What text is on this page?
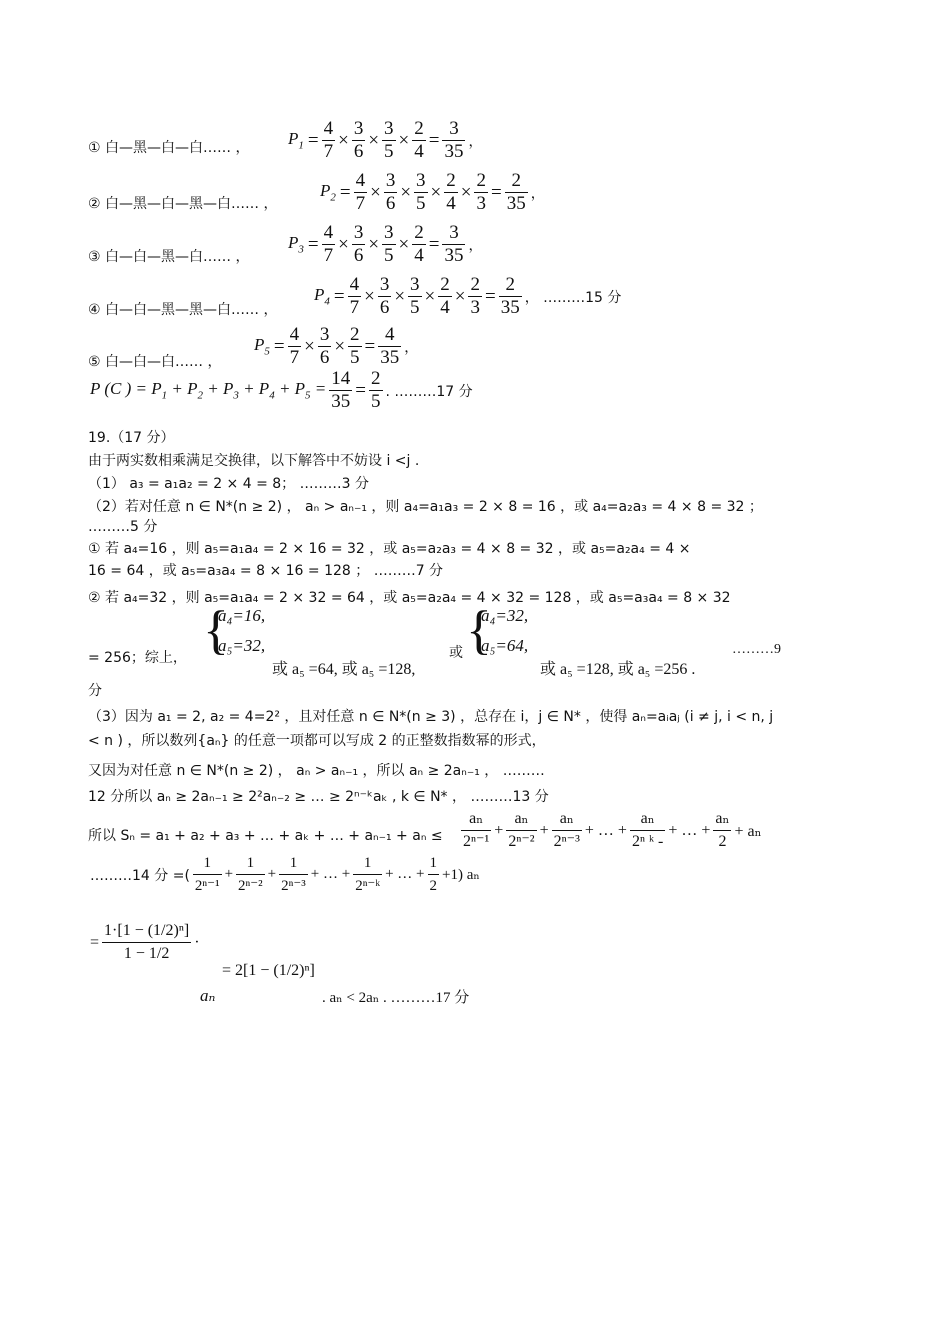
① 白—黑—白—白…… ， $P_1 = \frac{4}{7} \times \frac{3}{6} \times \frac{3}{5} \times \frac{2}{4} = \frac{3}{35}$ ，
② 白—黑—白—黑—白…… ，
$P_2 = \frac{4}{7} \times \frac{3}{6} \times \frac{3}{5} \times \frac{2}{4} \times \frac{2}{3} = \frac{2}{35}$ ，
③ 白—白—黑—白…… ，
$P_3 = \frac{4}{7} \times \frac{3}{6} \times \frac{3}{5} \times \frac{2}{4} = \frac{3}{35}$ ，
④ 白—白—黑—黑—白…… ，
$P_4 = \frac{4}{7} \times \frac{3}{6} \times \frac{3}{5} \times \frac{2}{4} \times \frac{2}{3} = \frac{2}{35}$ ， ………15 分
⑤ 白—白—白…… ，
$P_5 = \frac{4}{7} \times \frac{3}{6} \times \frac{2}{5} = \frac{4}{35}$ ，
P (C ) = $P_1 + P_2 + P_3 + P_4 + P_5 = \frac{14}{35} = \frac{2}{5}$ . ………17 分
19.（17 分）
由于两实数相乘满足交换律，以下解答中不妨设 i <j .
（1） a₃ = a₁a₂ = 2 × 4 = 8； ………3 分
（2）若对任意 n ∈ N*(n ≥ 2) ， aₙ > aₙ₋₁ ，则 a₄=a₁a₃ = 2 × 8 = 16 ，或 a₄=a₂a₃ = 4 × 8 = 32 ；
………5 分
① 若 a₄=16 ，则 a₅=a₁a₄ = 2 × 16 = 32 ，或 a₅=a₂a₃ = 4 × 8 = 32 ，或 a₅=a₂a₄ = 4 ×
16 = 64 ，或 a₅=a₃a₄ = 8 × 16 = 128 ； ………7 分
② 若 a₄=32 ，则 a₅=a₁a₄ = 2 × 32 = 64 ，或 a₅=a₂a₄ = 4 × 32 = 128 ，或 a₅=a₃a₄ = 8 × 32
= 256；综上， {
a₄=16,
a₅=32,
或 a₅ =64, 或 a₅ =128,
或 {
a₄=32,
a₅=64,
或 a₅ =128, 或 a₅ =256 .
………9
分
（3）因为 a₁ = 2, a₂ = 4=2² ，且对任意 n ∈ N*(n ≥ 3) ，总存在 i，j ∈ N* ，使得 aₙ=aᵢaⱼ (i ≠ j, i < n, j
< n ) ，所以数列{aₙ} 的任意一项都可以写成 2 的正整数指数幂的形式，
又因为对任意 n ∈ N*(n ≥ 2) ， aₙ > aₙ₋₁ ，所以 aₙ ≥ 2aₙ₋₁ ， ………
12 分所以 aₙ ≥ 2aₙ₋₁ ≥ 2²aₙ₋₂ ≥ … ≥ 2ⁿ⁻ᵏaₖ , k ∈ N* ， ………13 分
所以 Sₙ = a₁ + a₂ + a₃ + … + aₖ + … + $a_{n-1} + a_n \le \frac{\text{aₙ}}{\text{2ⁿ⁻¹}} + \frac{\text{aₙ}}{\text{2ⁿ⁻²}} + \frac{\text{aₙ}}{\text{2ⁿ⁻³}}$ + … + $\frac{\text{aₙ}}{\text{2ⁿ ᵏ -}}$ + … + $\frac{\text{aₙ}}{2} + a_n$
………14 分 =( $\frac{1}{\text{2ⁿ⁻¹}} + \frac{1}{\text{2ⁿ⁻²}} + \frac{1}{\text{2ⁿ⁻³}}$ + … + $\frac{1}{\text{2ⁿ⁻ᵏ}}$ + … + $\frac{1}{2} +1$) aₙ
= $\frac{\text{1·[1 − (1/2)ⁿ]}}{1 - 1/2}$ ·
= 2[1 − (1/2)ⁿ]
aₙ	. aₙ < 2aₙ . ………17 分
